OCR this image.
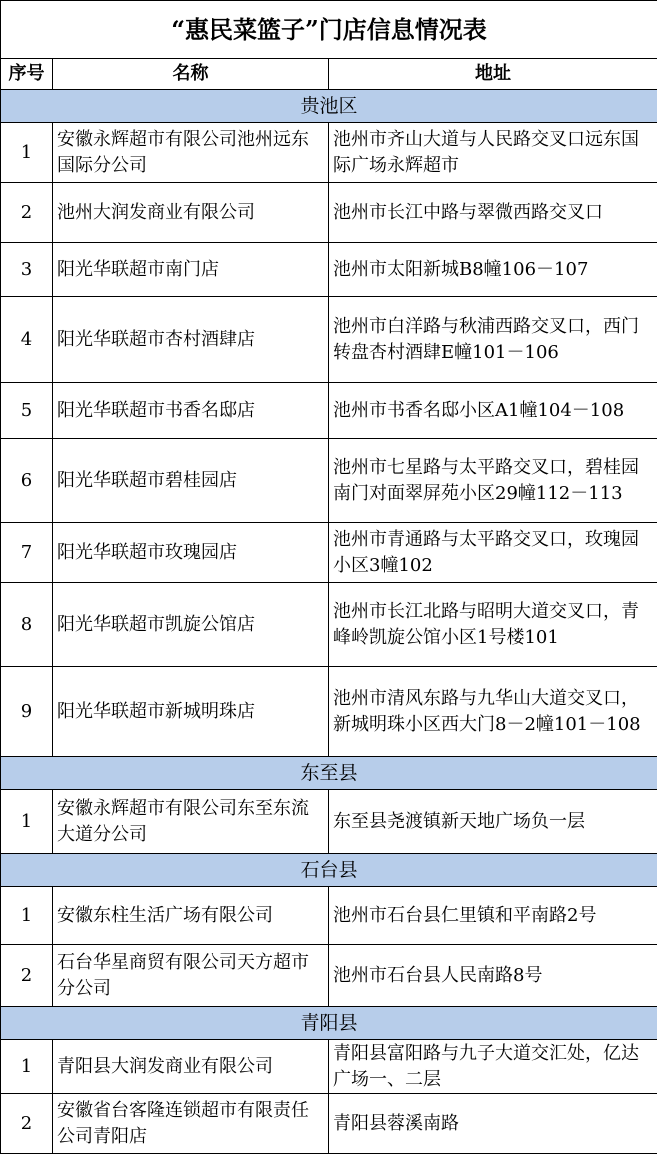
“惠民菜篮子”门店信息情况表		
序号	名称	地址
贵池区		
1	安徽永辉超市有限公司池州远东国际分公司	池州市齐山大道与人民路交叉口远东国际广场永辉超市
2	池州大润发商业有限公司	池州市长江中路与翠微西路交叉口
3	阳光华联超市南门店	池州市太阳新城B8幢106－107
4	阳光华联超市杏村酒肆店	池州市白洋路与秋浦西路交叉口，西门转盘杏村酒肆E幢101－106
5	阳光华联超市书香名邸店	池州市书香名邸小区A1幢104－108
6	阳光华联超市碧桂园店	池州市七星路与太平路交叉口，碧桂园南门对面翠屏苑小区29幢112－113
7	阳光华联超市玫瑰园店	池州市青通路与太平路交叉口，玫瑰园小区3幢102
8	阳光华联超市凯旋公馆店	池州市长江北路与昭明大道交叉口，青峰岭凯旋公馆小区1号楼101
9	阳光华联超市新城明珠店	池州市清风东路与九华山大道交叉口，新城明珠小区西大门8－2幢101－108
东至县		
1	安徽永辉超市有限公司东至东流大道分公司	东至县尧渡镇新天地广场负一层
石台县		
1	安徽东柱生活广场有限公司	池州市石台县仁里镇和平南路2号
2	石台华星商贸有限公司天方超市分公司	池州市石台县人民南路8号
青阳县		
1	青阳县大润发商业有限公司	青阳县富阳路与九子大道交汇处，亿达广场一、二层
2	安徽省台客隆连锁超市有限责任公司青阳店	青阳县蓉溪南路
